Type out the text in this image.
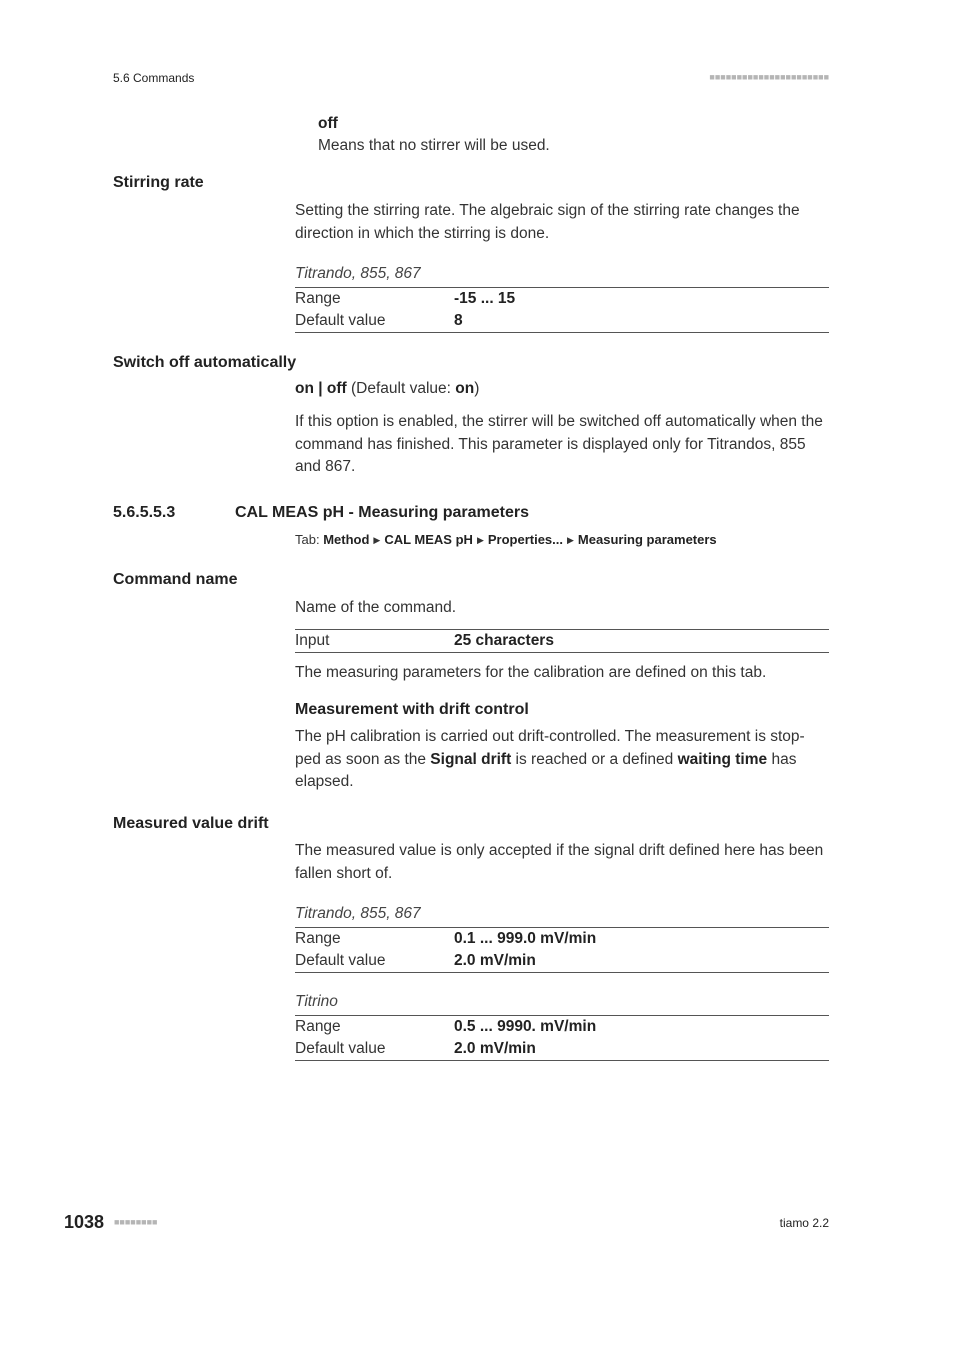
5.6 Commands	■■■■■■■■■■■■■■■■■■■■■■
off
Means that no stirrer will be used.
Stirring rate
Setting the stirring rate. The algebraic sign of the stirring rate changes the direction in which the stirring is done.
Titrando, 855, 867
Range	-15 ... 15
Default value	8
Switch off automatically
on | off (Default value: on)
If this option is enabled, the stirrer will be switched off automatically when the command has finished. This parameter is displayed only for Titrandos, 855 and 867.
5.6.5.5.3	CAL MEAS pH - Measuring parameters
Tab: Method ▶ CAL MEAS pH ▶ Properties... ▶ Measuring parameters
Command name
Name of the command.
Input	25 characters
The measuring parameters for the calibration are defined on this tab.
Measurement with drift control
The pH calibration is carried out drift-controlled. The measurement is stop-ped as soon as the Signal drift is reached or a defined waiting time has elapsed.
Measured value drift
The measured value is only accepted if the signal drift defined here has been fallen short of.
Titrando, 855, 867
Range	0.1 ... 999.0 mV/min
Default value	2.0 mV/min
Titrino
Range	0.5 ... 9990. mV/min
Default value	2.0 mV/min
1038 ■■■■■■■■	tiamo 2.2
